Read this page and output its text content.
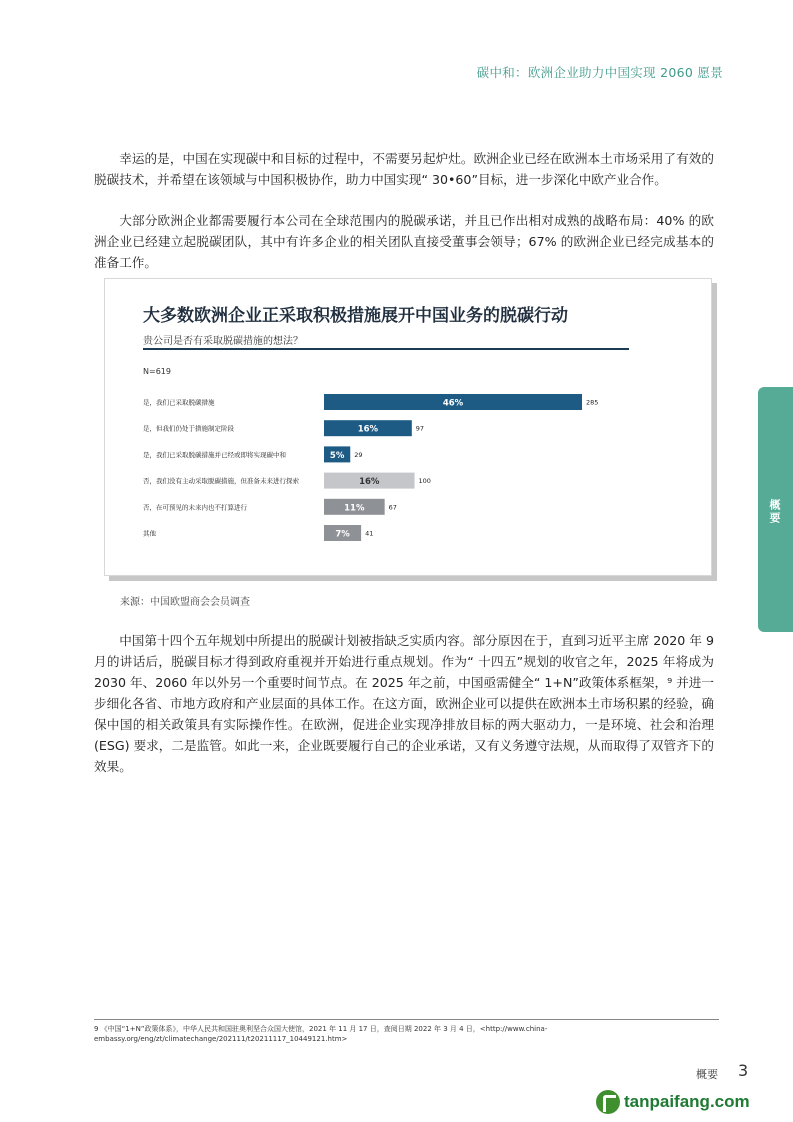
碳中和：欧洲企业助力中国实现 2060 愿景

幸运的是，中国在实现碳中和目标的过程中，不需要另起炉灶。欧洲企业已经在欧洲本土市场采用了有效的脱碳技术，并希望在该领域与中国积极协作，助力中国实现“ 30•60”目标，进一步深化中欧产业合作。

大部分欧洲企业都需要履行本公司在全球范围内的脱碳承诺，并且已作出相对成熟的战略布局：40% 的欧洲企业已经建立起脱碳团队，其中有许多企业的相关团队直接受董事会领导；67% 的欧洲企业已经完成基本的准备工作。

大多数欧洲企业正采取积极措施展开中国业务的脱碳行动
贵公司是否有采取脱碳措施的想法？
N=619
是，我们已采取脱碳措施	46%	285
是，但我们仍处于措施制定阶段	16%	97
是，我们已采取脱碳措施并已经或即将实现碳中和	5% 29
否，我们没有主动采取脱碳措施，但准备未来进行探索	16%	100
否，在可预见的未来内也不打算进行	11%	67
其他	7% 41
来源：中国欧盟商会会员调查

中国第十四个五年规划中所提出的脱碳计划被指缺乏实质内容。部分原因在于，直到习近平主席 2020 年 9 月的讲话后，脱碳目标才得到政府重视并开始进行重点规划。作为“ 十四五”规划的收官之年，2025 年将成为 2030 年、2060 年以外另一个重要时间节点。在 2025 年之前，中国亟需健全“ 1+N”政策体系框架，⁹ 并进一步细化各省、市地方政府和产业层面的具体工作。在这方面，欧洲企业可以提供在欧洲本土市场积累的经验，确保中国的相关政策具有实际操作性。在欧洲，促进企业实现净排放目标的两大驱动力，一是环境、社会和治理 (ESG) 要求，二是监管。如此一来，企业既要履行自己的企业承诺，又有义务遵守法规，从而取得了双管齐下的效果。

概要
9 《中国“1+N”政策体系》，中华人民共和国驻奥利坚合众国大使馆，2021 年 11 月 17 日，查阅日期 2022 年 3 月 4 日，<http://www.china-embassy.org/eng/zt/climatechange/202111/t20211117_10449121.htm>
概要 3
tanpaifang.com
